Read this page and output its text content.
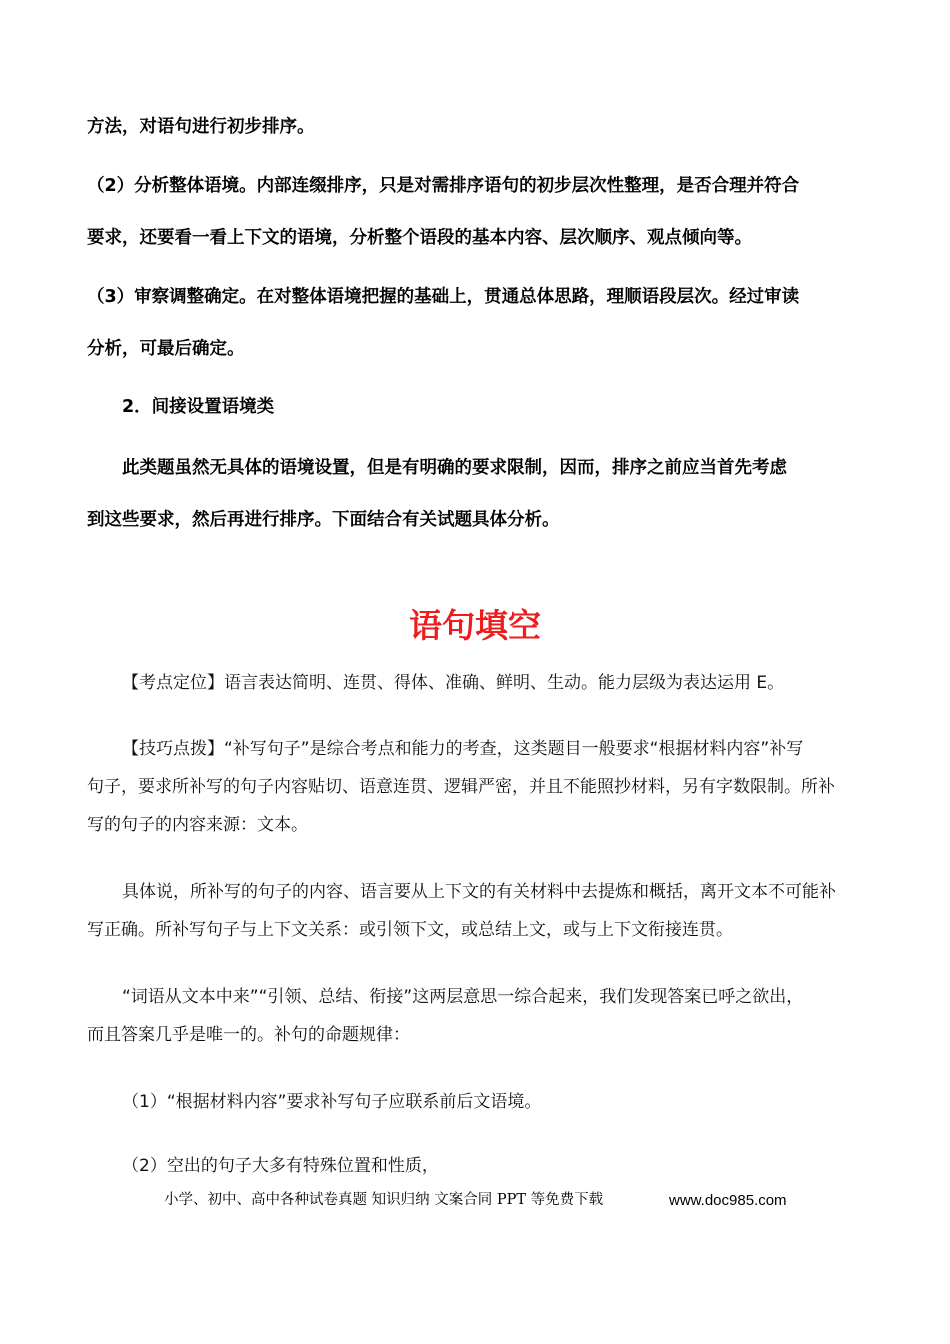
方法，对语句进行初步排序。

（2）分析整体语境。内部连缀排序，只是对需排序语句的初步层次性整理，是否合理并符合

要求，还要看一看上下文的语境，分析整个语段的基本内容、层次顺序、观点倾向等。

（3）审察调整确定。在对整体语境把握的基础上，贯通总体思路，理顺语段层次。经过审读

分析，可最后确定。

2．间接设置语境类

此类题虽然无具体的语境设置，但是有明确的要求限制，因而，排序之前应当首先考虑

到这些要求，然后再进行排序。下面结合有关试题具体分析。

语句填空

【考点定位】语言表达简明、连贯、得体、准确、鲜明、生动。能力层级为表达运用 E。

【技巧点拨】“补写句子”是综合考点和能力的考查，这类题目一般要求“根据材料内容”补写

句子，要求所补写的句子内容贴切、语意连贯、逻辑严密，并且不能照抄材料，另有字数限制。所补

写的句子的内容来源：文本。

具体说，所补写的句子的内容、语言要从上下文的有关材料中去提炼和概括，离开文本不可能补

写正确。所补写句子与上下文关系：或引领下文，或总结上文，或与上下文衔接连贯。

“词语从文本中来”“引领、总结、衔接”这两层意思一综合起来，我们发现答案已呼之欲出，

而且答案几乎是唯一的。补句的命题规律：

（1）“根据材料内容”要求补写句子应联系前后文语境。

（2）空出的句子大多有特殊位置和性质，

小学、初中、高中各种试卷真题 知识归纳 文案合同 PPT 等免费下载	www.doc985.com
